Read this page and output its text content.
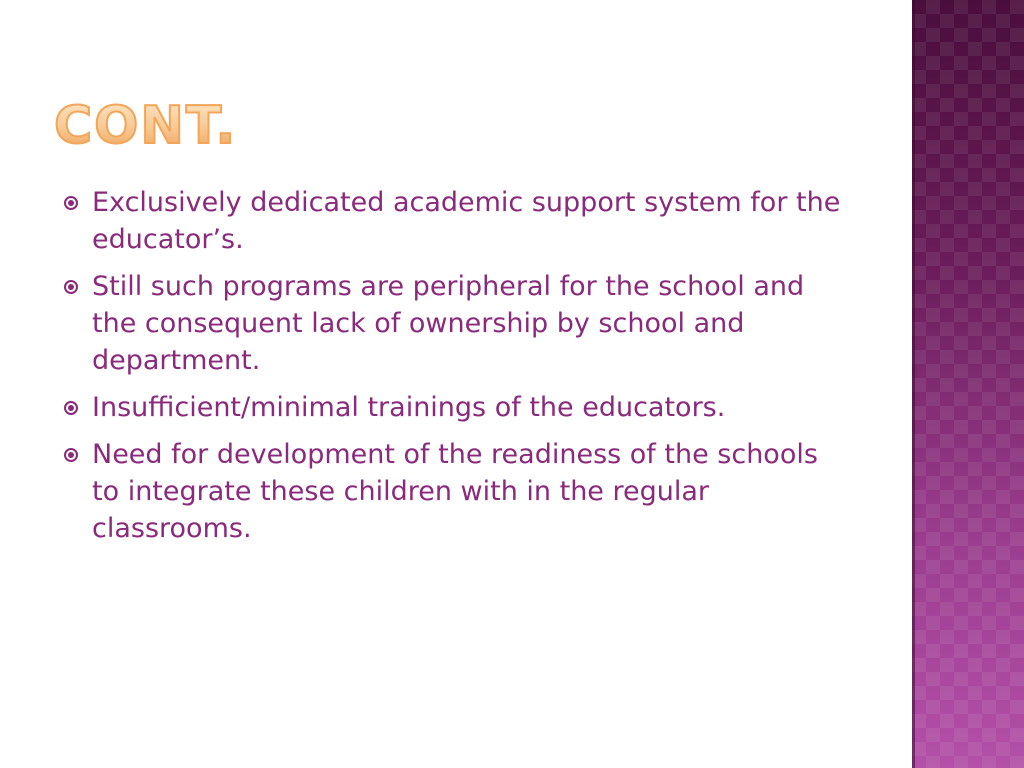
CONT.
Exclusively dedicated academic support system for the educator’s.
Still such programs are peripheral for the school and the consequent lack of ownership by school and department.
Insufficient/minimal trainings of the educators.
Need for development of the readiness of the schools to integrate these children with in the regular classrooms.
